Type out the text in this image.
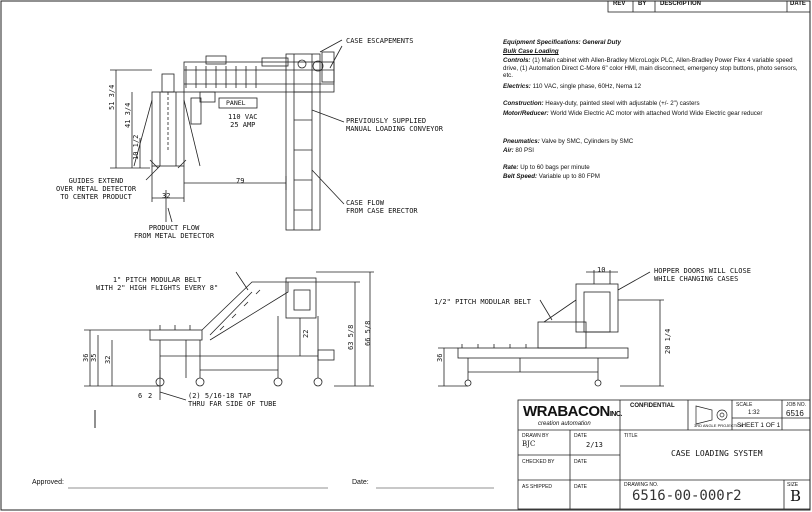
REV BY DESCRIPTION	DATE
CASE ESCAPEMENTS
PANEL
110 VAC
25 AMP	PREVIOUSLY SUPPLIED
MANUAL LOADING CONVEYOR
GUIDES EXTEND
OVER METAL DETECTOR
TO CENTER PRODUCT
PRODUCT FLOW
FROM METAL DETECTOR
CASE FLOW
FROM CASE ERECTOR
1" PITCH MODULAR BELT
WITH 2" HIGH FLIGHTS EVERY 8"
1/2" PITCH MODULAR BELT
HOPPER DOORS WILL CLOSE
WHILE CHANGING CASES
(2) 5/16-18 TAP
THRU FAR SIDE OF TUBE
51 3/4
41 3/4
10 1/2
32
79
36 35 32
22	63 5/8 66 5/8
6 2
10
36
20 1/4
Equipment Specifications: General Duty
Bulk Case Loading
Controls: (1) Main cabinet with Allen-Bradley MicroLogix PLC, Allen-Bradley Power Flex 4 variable speed drive, (1) Automation Direct C-More 6" color HMI, main disconnect, emergency stop buttons, photo sensors, etc.
Electrics: 110 VAC, single phase, 60Hz, Nema 12
Construction: Heavy-duty, painted steel with adjustable (+/- 2") casters
Motor/Reducer: World Wide Electric AC motor with attached World Wide Electric gear reducer
Pneumatics: Valve by SMC, Cylinders by SMC
Air: 80 PSI
Rate: Up to 60 bags per minute
Belt Speed: Variable up to 80 FPM
WRABACONINC.
creation automation
CONFIDENTIAL
3RD ANGLE PROJECTION
SCALE
1:32
JOB NO.
6516
SHEET 1 OF 1
DRAWN BY
BJC
DATE
2/13
TITLE
CASE LOADING SYSTEM
CHECKED BY	DATE
AS SHIPPED	DATE	DRAWING NO.
6516-00-000r2
SIZE
B
Approved:	Date:
